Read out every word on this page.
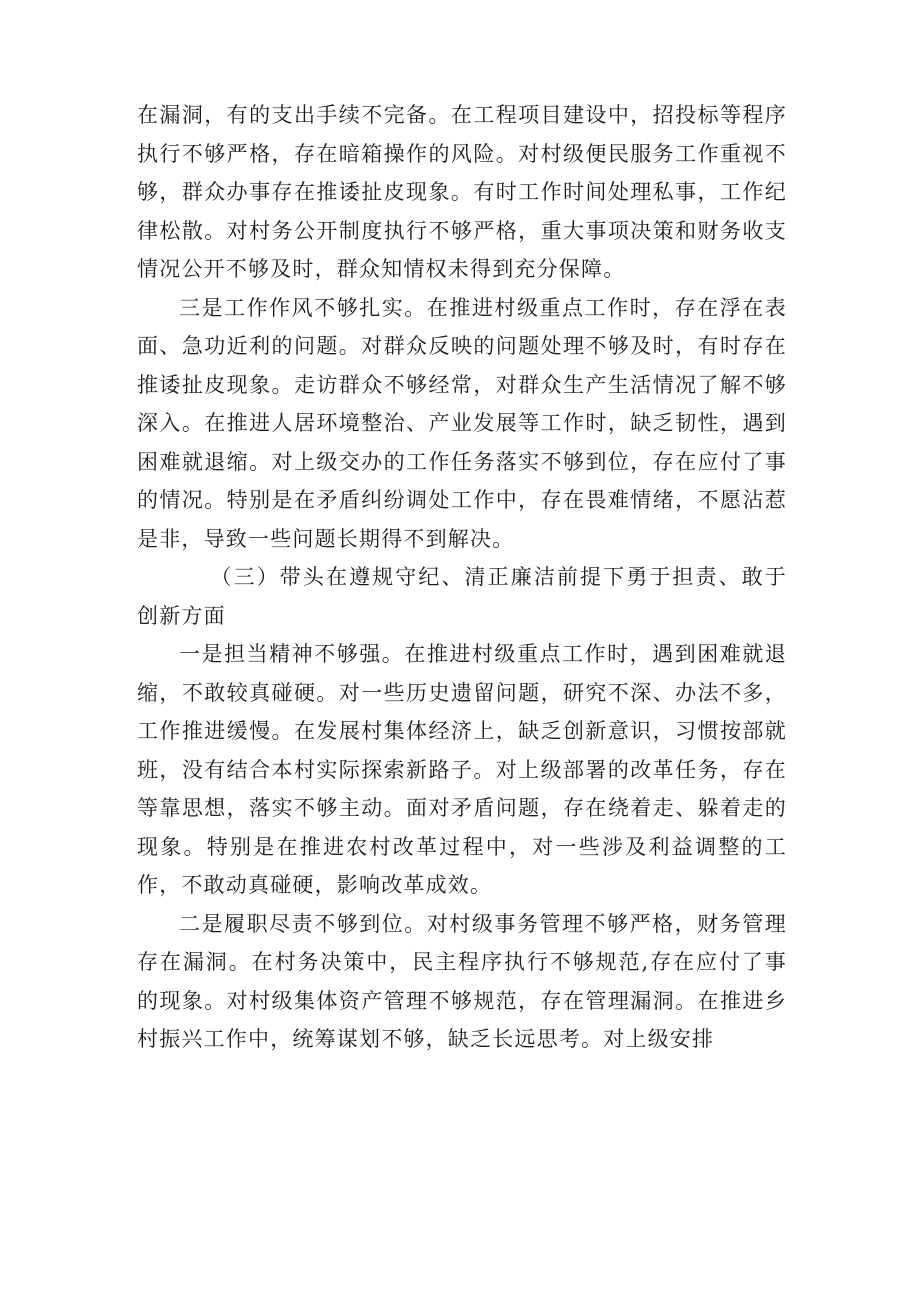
在漏洞，有的支出手续不完备。在工程项目建设中，招投标等程序执行不够严格，存在暗箱操作的风险。对村级便民服务工作重视不够，群众办事存在推诿扯皮现象。有时工作时间处理私事，工作纪律松散。对村务公开制度执行不够严格，重大事项决策和财务收支情况公开不够及时，群众知情权未得到充分保障。

三是工作作风不够扎实。在推进村级重点工作时，存在浮在表面、急功近利的问题。对群众反映的问题处理不够及时，有时存在推诿扯皮现象。走访群众不够经常，对群众生产生活情况了解不够深入。在推进人居环境整治、产业发展等工作时，缺乏韧性，遇到困难就退缩。对上级交办的工作任务落实不够到位，存在应付了事的情况。特别是在矛盾纠纷调处工作中，存在畏难情绪，不愿沾惹是非，导致一些问题长期得不到解决。

（三）带头在遵规守纪、清正廉洁前提下勇于担责、敢于创新方面

一是担当精神不够强。在推进村级重点工作时，遇到困难就退缩，不敢较真碰硬。对一些历史遗留问题，研究不深、办法不多，工作推进缓慢。在发展村集体经济上，缺乏创新意识，习惯按部就班，没有结合本村实际探索新路子。对上级部署的改革任务，存在等靠思想，落实不够主动。面对矛盾问题，存在绕着走、躲着走的现象。特别是在推进农村改革过程中，对一些涉及利益调整的工作，不敢动真碰硬，影响改革成效。

二是履职尽责不够到位。对村级事务管理不够严格，财务管理存在漏洞。在村务决策中，民主程序执行不够规范,存在应付了事的现象。对村级集体资产管理不够规范，存在管理漏洞。在推进乡村振兴工作中，统筹谋划不够，缺乏长远思考。对上级安排
